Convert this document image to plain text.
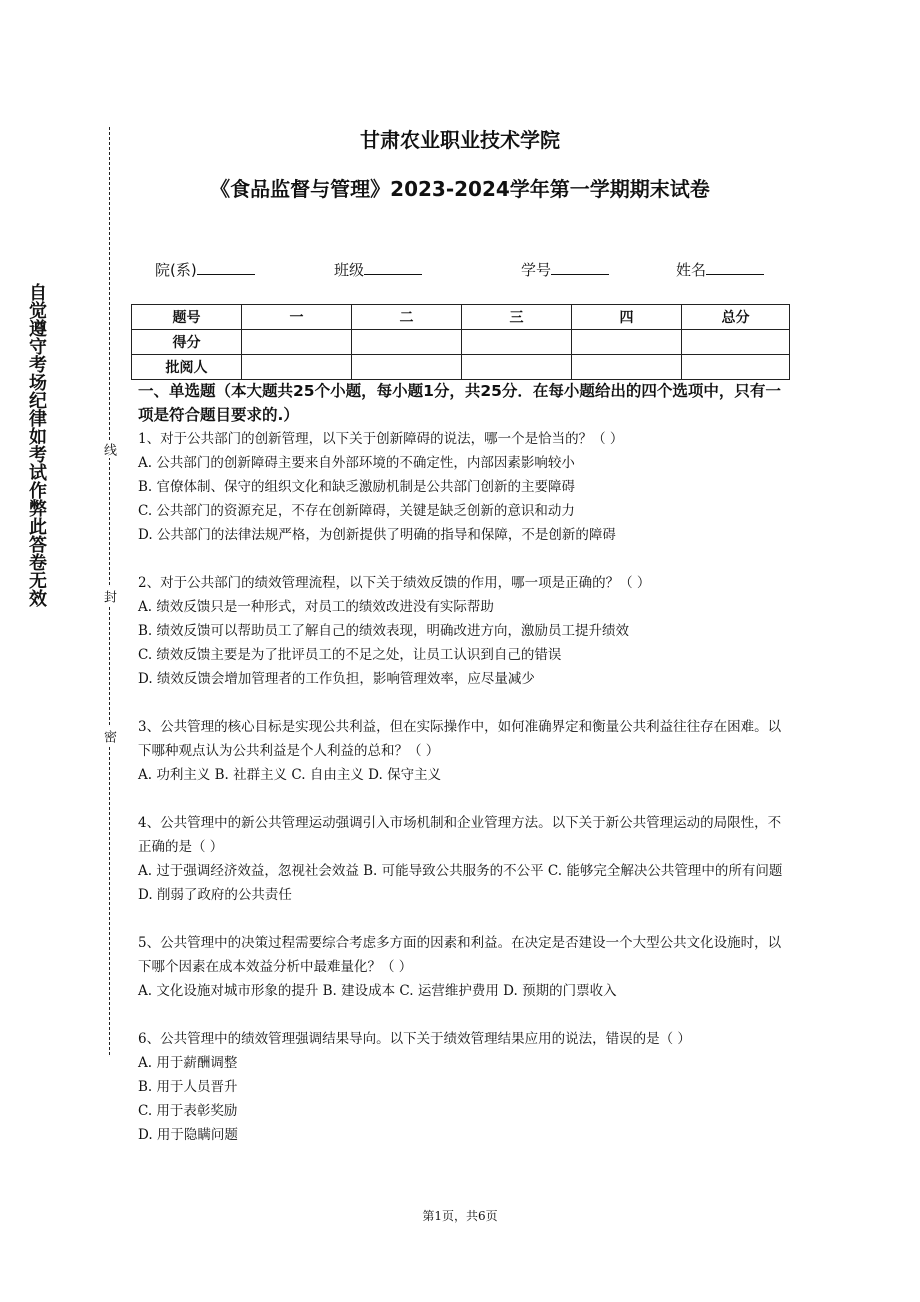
自觉遵守考场纪律如考试作弊此答卷无效	线
封
密
甘肃农业职业技术学院
《食品监督与管理》2023-2024学年第一学期期末试卷
院(系)	班级	学号	姓名
题号	一	二	三	四	总分
得分					
批阅人					

一、单选题（本大题共25个小题，每小题1分，共25分．在每小题给出的四个选项中，只有一项是符合题目要求的.）

1、对于公共部门的创新管理，以下关于创新障碍的说法，哪一个是恰当的？（ ）

A. 公共部门的创新障碍主要来自外部环境的不确定性，内部因素影响较小

B. 官僚体制、保守的组织文化和缺乏激励机制是公共部门创新的主要障碍

C. 公共部门的资源充足，不存在创新障碍，关键是缺乏创新的意识和动力

D. 公共部门的法律法规严格，为创新提供了明确的指导和保障，不是创新的障碍

2、对于公共部门的绩效管理流程，以下关于绩效反馈的作用，哪一项是正确的？（ ）

A. 绩效反馈只是一种形式，对员工的绩效改进没有实际帮助

B. 绩效反馈可以帮助员工了解自己的绩效表现，明确改进方向，激励员工提升绩效

C. 绩效反馈主要是为了批评员工的不足之处，让员工认识到自己的错误

D. 绩效反馈会增加管理者的工作负担，影响管理效率，应尽量减少

3、公共管理的核心目标是实现公共利益，但在实际操作中，如何准确界定和衡量公共利益往往存在困难。以下哪种观点认为公共利益是个人利益的总和？（ ）

A. 功利主义 B. 社群主义 C. 自由主义 D. 保守主义

4、公共管理中的新公共管理运动强调引入市场机制和企业管理方法。以下关于新公共管理运动的局限性，不正确的是（ ）

A. 过于强调经济效益，忽视社会效益 B. 可能导致公共服务的不公平 C. 能够完全解决公共管理中的所有问题 D. 削弱了政府的公共责任

5、公共管理中的决策过程需要综合考虑多方面的因素和利益。在决定是否建设一个大型公共文化设施时，以下哪个因素在成本效益分析中最难量化？（ ）

A. 文化设施对城市形象的提升 B. 建设成本 C. 运营维护费用 D. 预期的门票收入

6、公共管理中的绩效管理强调结果导向。以下关于绩效管理结果应用的说法，错误的是（ ）

A. 用于薪酬调整

B. 用于人员晋升

C. 用于表彰奖励

D. 用于隐瞒问题

第1页，共6页
